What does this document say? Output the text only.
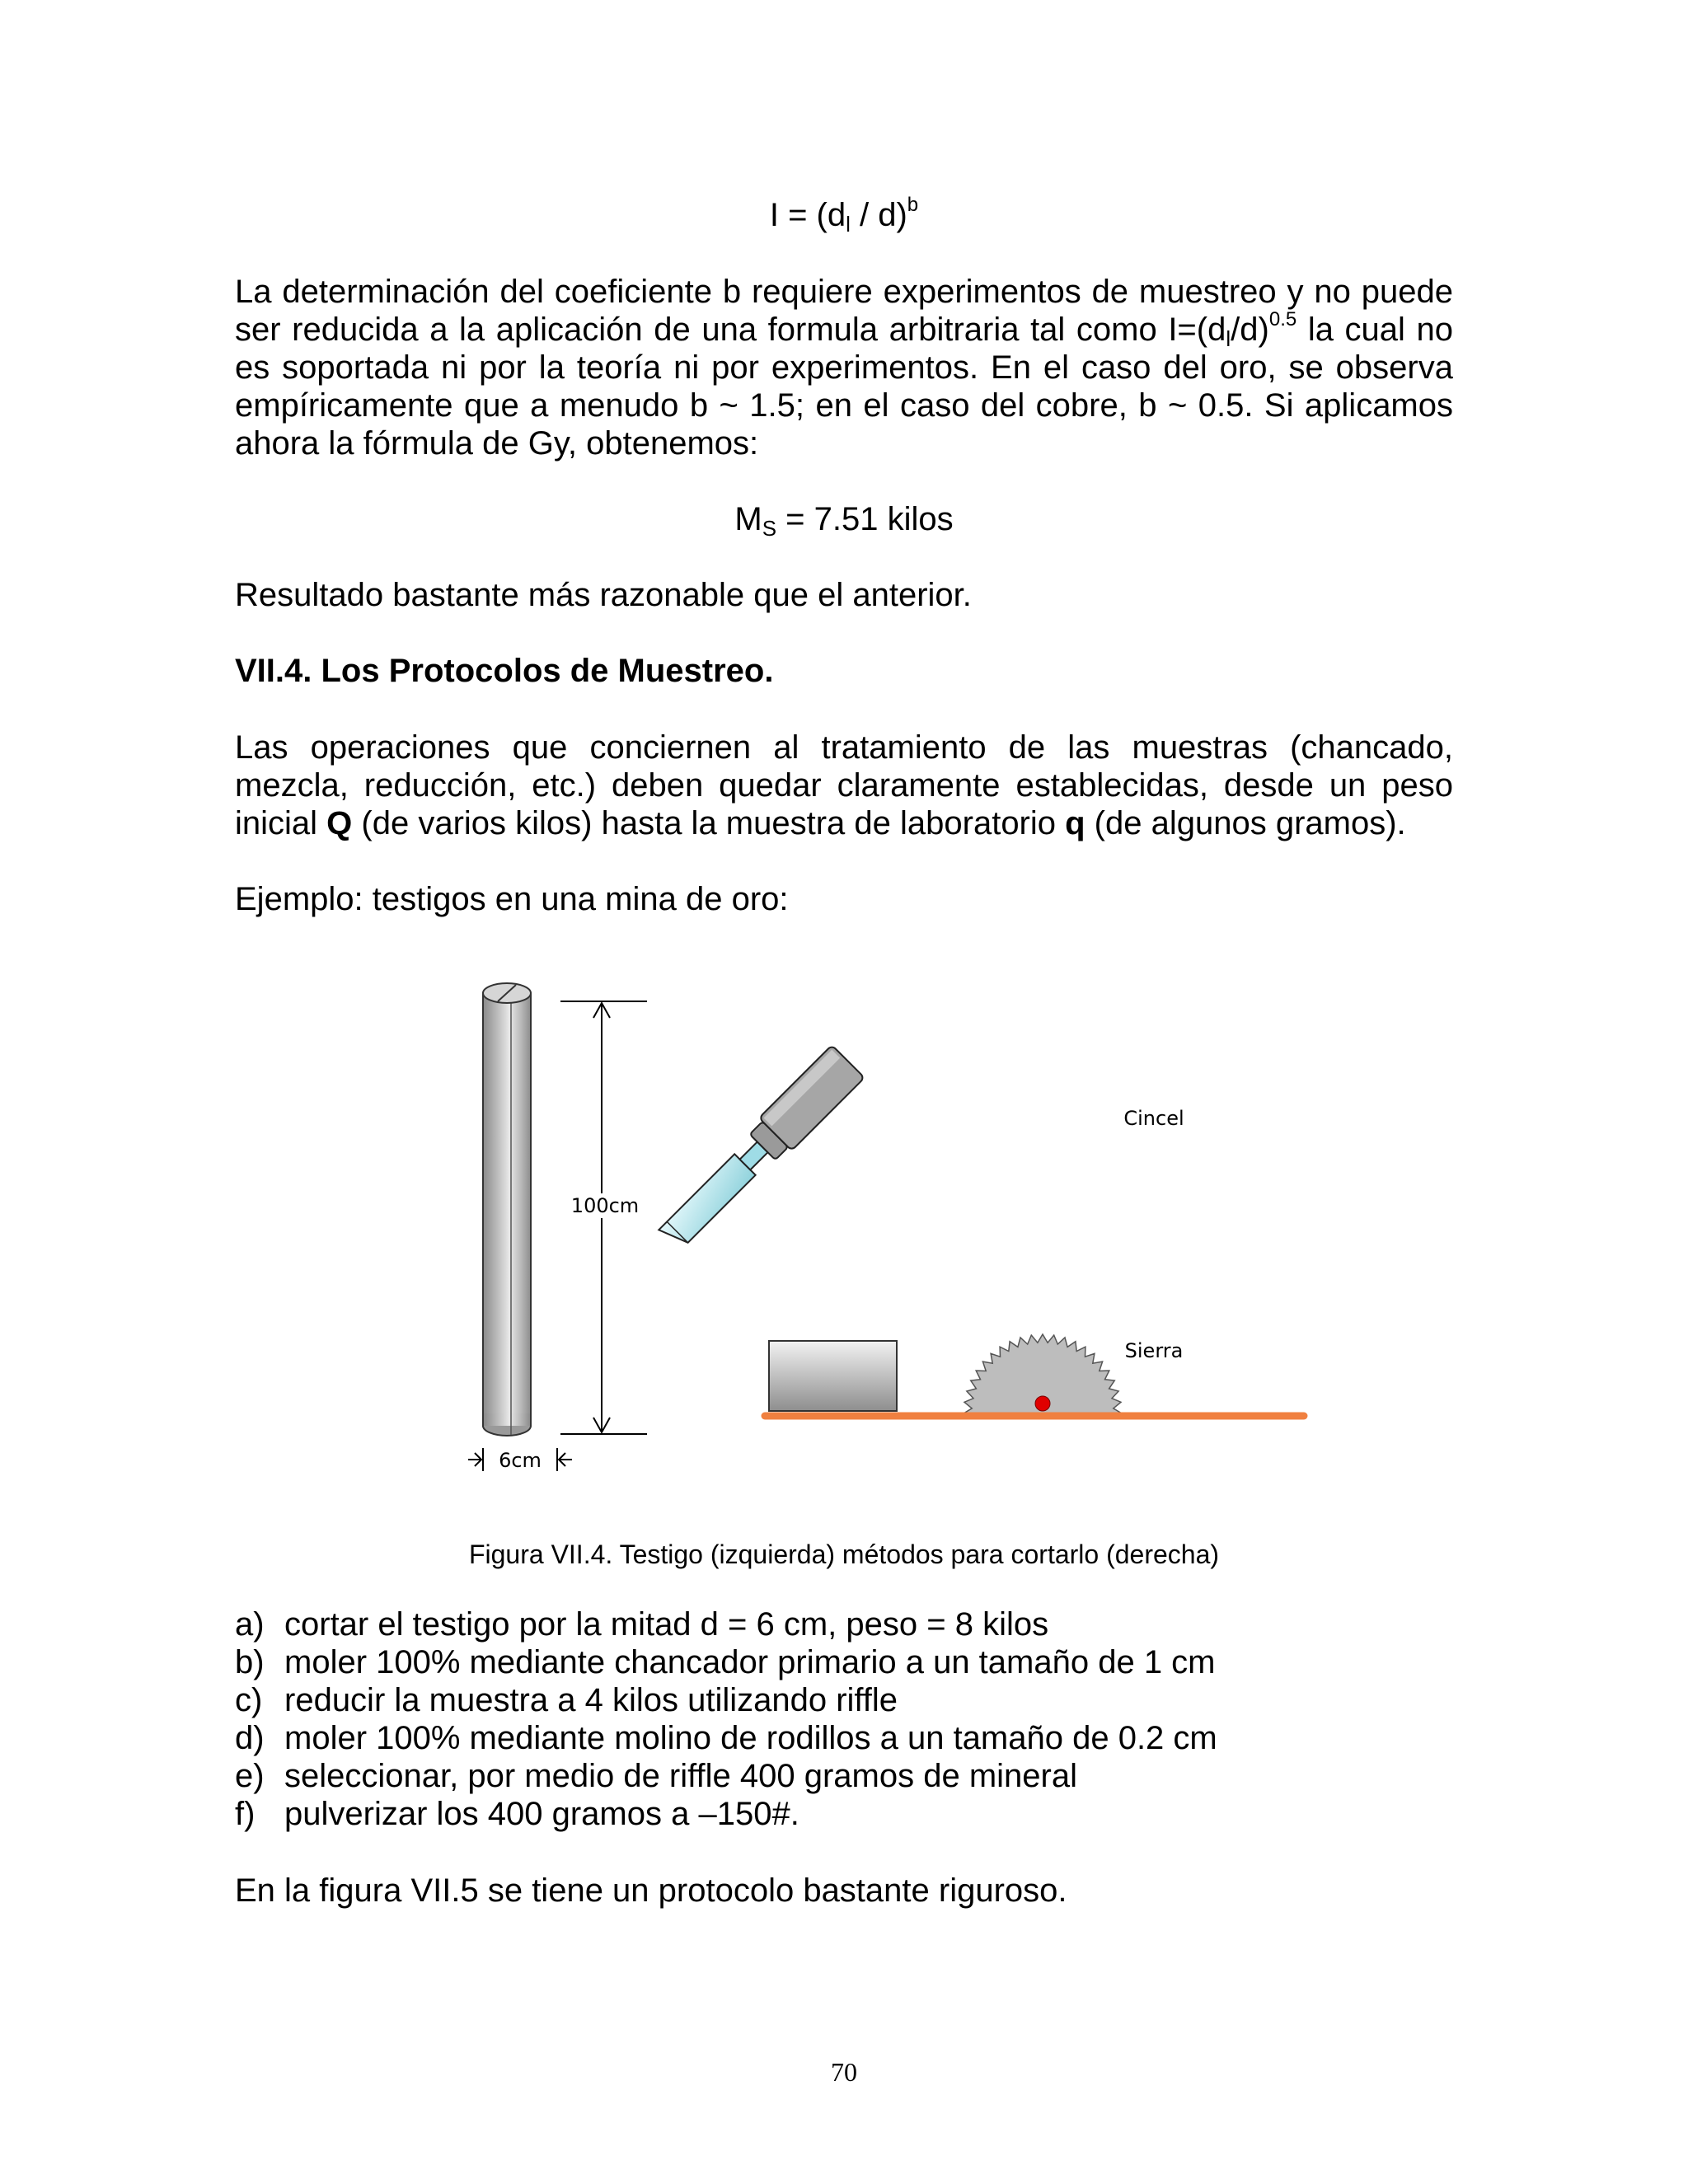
$I = (d_l / d)^b$
La determinación del coeficiente b requiere experimentos de muestreo y no puede ser reducida a la aplicación de una formula arbitraria tal como $I=(d_l/d)^{0.5}$ la cual no es soportada ni por la teoría ni por experimentos. En el caso del oro, se observa empíricamente que a menudo b ~ 1.5; en el caso del cobre, b ~ 0.5. Si aplicamos ahora la fórmula de Gy, obtenemos:
$M_S = 7.51$ kilos
Resultado bastante más razonable que el anterior.
VII.4. Los Protocolos de Muestreo.
Las operaciones que conciernen al tratamiento de las muestras (chancado, mezcla, reducción, etc.) deben quedar claramente establecidas, desde un peso inicial Q (de varios kilos) hasta la muestra de laboratorio q (de algunos gramos).
Ejemplo: testigos en una mina de oro:
100cm
6cm
Cincel
Sierra
Figura VII.4. Testigo (izquierda) métodos para cortarlo (derecha)
a) cortar el testigo por la mitad d = 6 cm, peso = 8 kilos
b) moler 100% mediante chancador primario a un tamaño de 1 cm
c) reducir la muestra a 4 kilos utilizando riffle
d) moler 100% mediante molino de rodillos a un tamaño de 0.2 cm
e) seleccionar, por medio de riffle 400 gramos de mineral
f) pulverizar los 400 gramos a –150#.
En la figura VII.5 se tiene un protocolo bastante riguroso.
70
